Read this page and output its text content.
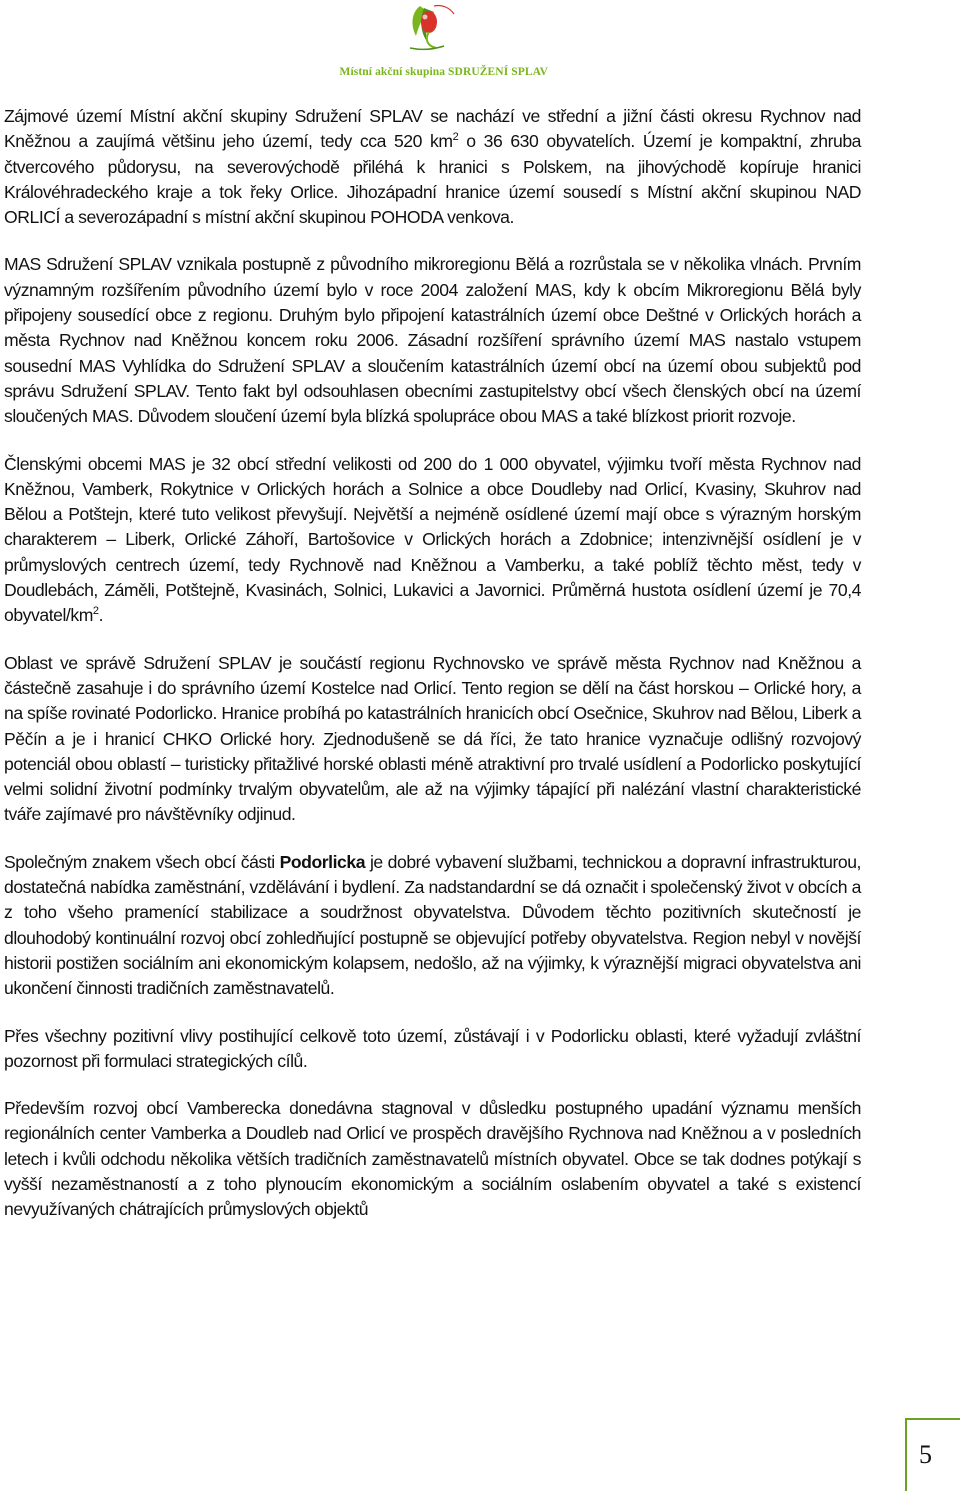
Místní akční skupina SDRUŽENÍ SPLAV

Zájmové území Místní akční skupiny Sdružení SPLAV se nachází ve střední a jižní části okresu Rychnov nad Kněžnou a zaujímá většinu jeho území, tedy cca 520 $km^2$ o 36 630 obyvatelích. Území je kompaktní, zhruba čtvercového půdorysu, na severovýchodě přiléhá k hranici s Polskem, na jihovýchodě kopíruje hranici Královéhradeckého kraje a tok řeky Orlice. Jihozápadní hranice území sousedí s Místní akční skupinou NAD ORLICÍ a severozápadní s místní akční skupinou POHODA venkova.

MAS Sdružení SPLAV vznikala postupně z původního mikroregionu Bělá a rozrůstala se v několika vlnách. Prvním významným rozšířením původního území bylo v roce 2004 založení MAS, kdy k obcím Mikroregionu Bělá byly připojeny sousedící obce z regionu. Druhým bylo připojení katastrálních území obce Deštné v Orlických horách a města Rychnov nad Kněžnou koncem roku 2006. Zásadní rozšíření správního území MAS nastalo vstupem sousední MAS Vyhlídka do Sdružení SPLAV a sloučením katastrálních území obcí na území obou subjektů pod správu Sdružení SPLAV. Tento fakt byl odsouhlasen obecními zastupitelstvy obcí všech členských obcí na území sloučených MAS. Důvodem sloučení území byla blízká spolupráce obou MAS a také blízkost priorit rozvoje.

Členskými obcemi MAS je 32 obcí střední velikosti od 200 do 1 000 obyvatel, výjimku tvoří města Rychnov nad Kněžnou, Vamberk, Rokytnice v Orlických horách a Solnice a obce Doudleby nad Orlicí, Kvasiny, Skuhrov nad Bělou a Potštejn, které tuto velikost převyšují. Největší a nejméně osídlené území mají obce s výrazným horským charakterem – Liberk, Orlické Záhoří, Bartošovice v Orlických horách a Zdobnice; intenzivnější osídlení je v průmyslových centrech území, tedy Rychnově nad Kněžnou a Vamberku, a také poblíž těchto měst, tedy v Doudlebách, Záměli, Potštejně, Kvasinách, Solnici, Lukavici a Javornici. Průměrná hustota osídlení území je 70,4 obyvatel/$km^2$.

Oblast ve správě Sdružení SPLAV je součástí regionu Rychnovsko ve správě města Rychnov nad Kněžnou a částečně zasahuje i do správního území Kostelce nad Orlicí. Tento region se dělí na část horskou – Orlické hory, a na spíše rovinaté Podorlicko. Hranice probíhá po katastrálních hranicích obcí Osečnice, Skuhrov nad Bělou, Liberk a Pěčín a je i hranicí CHKO Orlické hory. Zjednodušeně se dá říci, že tato hranice vyznačuje odlišný rozvojový potenciál obou oblastí – turisticky přitažlivé horské oblasti méně atraktivní pro trvalé usídlení a Podorlicko poskytující velmi solidní životní podmínky trvalým obyvatelům, ale až na výjimky tápající při nalézání vlastní charakteristické tváře zajímavé pro návštěvníky odjinud.

Společným znakem všech obcí části Podorlicka je dobré vybavení službami, technickou a dopravní infrastrukturou, dostatečná nabídka zaměstnání, vzdělávání i bydlení. Za nadstandardní se dá označit i společenský život v obcích a z toho všeho pramenící stabilizace a soudržnost obyvatelstva. Důvodem těchto pozitivních skutečností je dlouhodobý kontinuální rozvoj obcí zohledňující postupně se objevující potřeby obyvatelstva. Region nebyl v novější historii postižen sociálním ani ekonomickým kolapsem, nedošlo, až na výjimky, k výraznější migraci obyvatelstva ani ukončení činnosti tradičních zaměstnavatelů.

Přes všechny pozitivní vlivy postihující celkově toto území, zůstávají i v Podorlicku oblasti, které vyžadují zvláštní pozornost při formulaci strategických cílů.

Především rozvoj obcí Vamberecka donedávna stagnoval v důsledku postupného upadání významu menších regionálních center Vamberka a Doudleb nad Orlicí ve prospěch dravějšího Rychnova nad Kněžnou a v posledních letech i kvůli odchodu několika větších tradičních zaměstnavatelů místních obyvatel. Obce se tak dodnes potýkají s vyšší nezaměstnaností a z toho plynoucím ekonomickým a sociálním oslabením obyvatel a také s existencí nevyužívaných chátrajících průmyslových objektů

5
